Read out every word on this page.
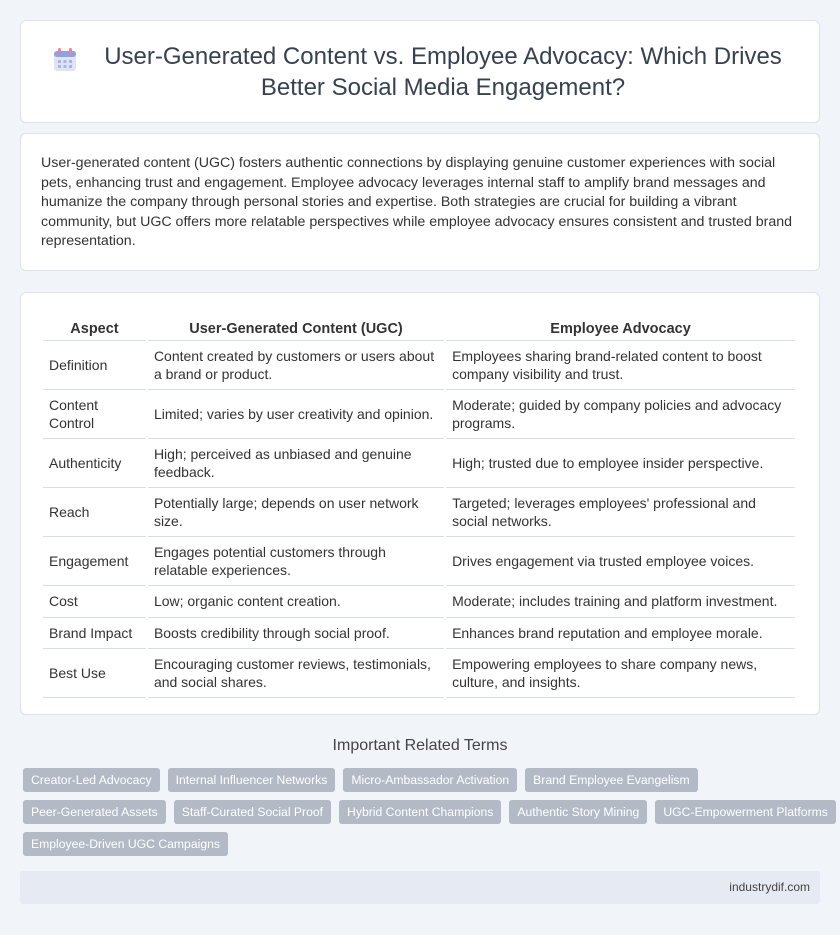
User-Generated Content vs. Employee Advocacy: Which Drives Better Social Media Engagement?

User-generated content (UGC) fosters authentic connections by displaying genuine customer experiences with social pets, enhancing trust and engagement. Employee advocacy leverages internal staff to amplify brand messages and humanize the company through personal stories and expertise. Both strategies are crucial for building a vibrant community, but UGC offers more relatable perspectives while employee advocacy ensures consistent and trusted brand representation.

Aspect	User-Generated Content (UGC)	Employee Advocacy
Definition	Content created by customers or users about a brand or product.	Employees sharing brand-related content to boost company visibility and trust.
Content Control	Limited; varies by user creativity and opinion.	Moderate; guided by company policies and advocacy programs.
Authenticity	High; perceived as unbiased and genuine feedback.	High; trusted due to employee insider perspective.
Reach	Potentially large; depends on user network size.	Targeted; leverages employees' professional and social networks.
Engagement	Engages potential customers through relatable experiences.	Drives engagement via trusted employee voices.
Cost	Low; organic content creation.	Moderate; includes training and platform investment.
Brand Impact	Boosts credibility through social proof.	Enhances brand reputation and employee morale.
Best Use	Encouraging customer reviews, testimonials, and social shares.	Empowering employees to share company news, culture, and insights.
Important Related Terms
Creator-Led Advocacy	Internal Influencer Networks	Micro-Ambassador Activation	Brand Employee Evangelism
Peer-Generated Assets	Staff-Curated Social Proof	Hybrid Content Champions	Authentic Story Mining	UGC-Empowerment Platforms
Employee-Driven UGC Campaigns
industrydif.com
